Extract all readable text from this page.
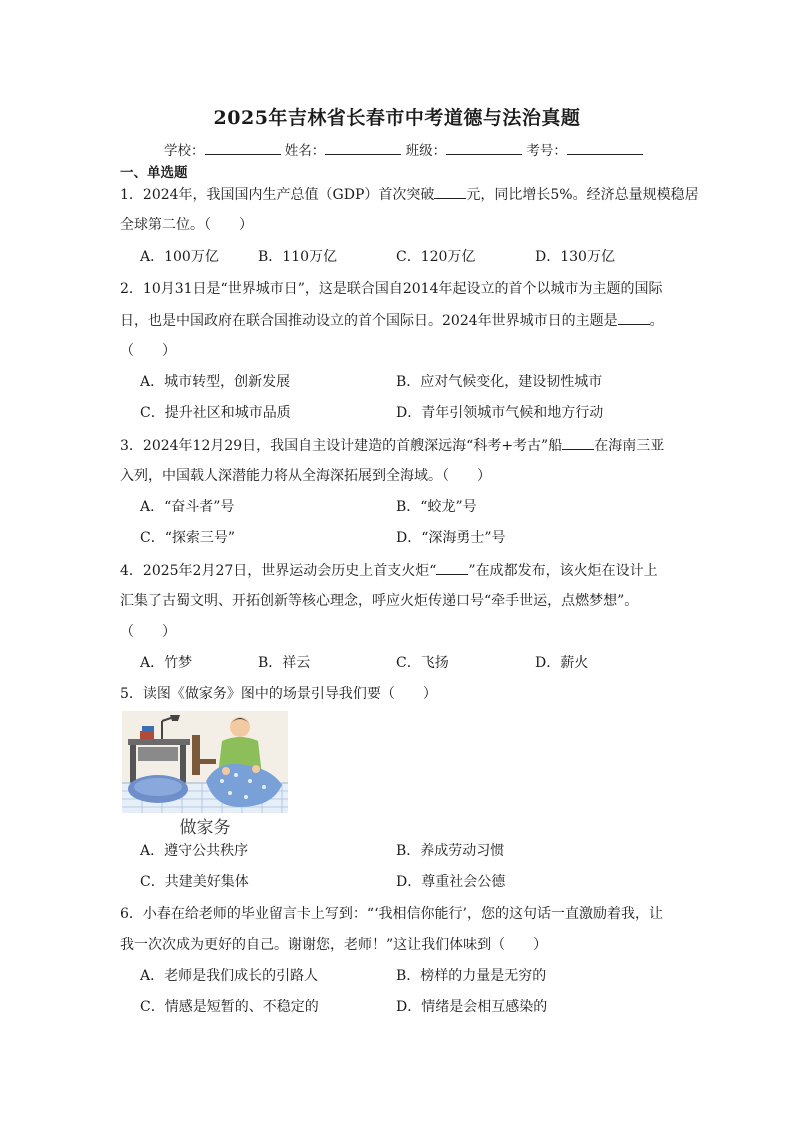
2025年吉林省长春市中考道德与法治真题
学校：	姓名：	班级：	考号：
一、单选题
1．2024年，我国国内生产总值（GDP）首次突破 元，同比增长5%。经济总量规模稳居
全球第二位。（　　）
A．100万亿	B．110万亿	C．120万亿	D．130万亿
2．10月31日是“世界城市日”，这是联合国自2014年起设立的首个以城市为主题的国际
日，也是中国政府在联合国推动设立的首个国际日。2024年世界城市日的主题是 。
（　　）
A．城市转型，创新发展	B．应对气候变化，建设韧性城市
C．提升社区和城市品质	D．青年引领城市气候和地方行动
3．2024年12月29日，我国自主设计建造的首艘深远海“科考+考古”船 在海南三亚
入列，中国载人深潜能力将从全海深拓展到全海域。（　　）
A．“奋斗者”号	B．“蛟龙”号
C．“探索三号”	D．“深海勇士”号
4．2025年2月27日，世界运动会历史上首支火炬“ ”在成都发布，该火炬在设计上
汇集了古蜀文明、开拓创新等核心理念，呼应火炬传递口号“牵手世运，点燃梦想”。
（　　）
A．竹梦	B．祥云	C．飞扬	D．薪火
5．读图《做家务》图中的场景引导我们要（　　）
做家务
A．遵守公共秩序	B．养成劳动习惯
C．共建美好集体	D．尊重社会公德
6．小春在给老师的毕业留言卡上写到：“‘我相信你能行’，您的这句话一直激励着我，让
我一次次成为更好的自己。谢谢您，老师！”这让我们体味到（　　）
A．老师是我们成长的引路人	B．榜样的力量是无穷的
C．情感是短暂的、不稳定的	D．情绪是会相互感染的
